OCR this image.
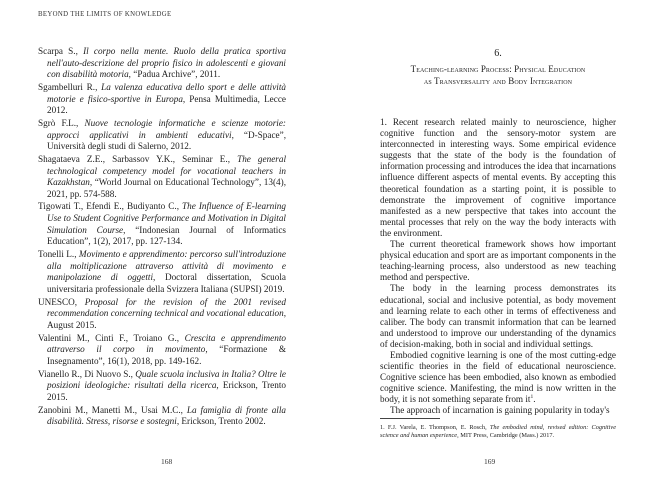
BEYOND THE LIMITS OF KNOWLEDGE
Scarpa S., Il corpo nella mente. Ruolo della pratica sportiva nell'auto-descrizione del proprio fisico in adolescenti e giovani con disabilità motoria, “Padua Archive”, 2011.
Sgambelluri R., La valenza educativa dello sport e delle attività motorie e fisico-sportive in Europa, Pensa Multimedia, Lecce 2012.
Sgrò F.L., Nuove tecnologie informatiche e scienze motorie: approcci applicativi in ambienti educativi, “D-Space”, Università degli studi di Salerno, 2012.
Shagataeva Z.E., Sarbassov Y.K., Seminar E., The general technological competency model for vocational teachers in Kazakhstan, “World Journal on Educational Technology”, 13(4), 2021, pp. 574-588.
Tigowati T., Efendi E., Budiyanto C., The Influence of E-learning Use to Student Cognitive Performance and Motivation in Digital Simulation Course, “Indonesian Journal of Informatics Education”, 1(2), 2017, pp. 127-134.
Tonelli L., Movimento e apprendimento: percorso sull'introduzione alla moltiplicazione attraverso attività di movimento e manipolazione di oggetti, Doctoral dissertation, Scuola universitaria professionale della Svizzera Italiana (SUPSI) 2019.
UNESCO, Proposal for the revision of the 2001 revised recommendation concerning technical and vocational education, August 2015.
Valentini M., Cinti F., Troiano G., Crescita e apprendimento attraverso il corpo in movimento, “Formazione & Insegnamento”, 16(1), 2018, pp. 149-162.
Vianello R., Di Nuovo S., Quale scuola inclusiva in Italia? Oltre le posizioni ideologiche: risultati della ricerca, Erickson, Trento 2015.
Zanobini M., Manetti M., Usai M.C., La famiglia di fronte alla disabilità. Stress, risorse e sostegni, Erickson, Trento 2002.
168
6.
Teaching-learning Process: Physical Education
as Transversality and Body Integration

1. Recent research related mainly to neuroscience, higher cognitive function and the sensory-motor system are interconnected in interesting ways. Some empirical evidence suggests that the state of the body is the foundation of information processing and introduces the idea that incarnations influence different aspects of mental events. By accepting this theoretical foundation as a starting point, it is possible to demonstrate the improvement of cognitive importance manifested as a new perspective that takes into account the mental processes that rely on the way the body interacts with the environment.

The current theoretical framework shows how important physical education and sport are as important components in the teaching-learning process, also understood as new teaching method and perspective.

The body in the learning process demonstrates its educational, social and inclusive potential, as body movement and learning relate to each other in terms of effectiveness and caliber. The body can transmit information that can be learned and understood to improve our understanding of the dynamics of decision-making, both in social and individual settings.

Embodied cognitive learning is one of the most cutting-edge scientific theories in the field of educational neuroscience. Cognitive science has been embodied, also known as embodied cognitive science. Manifesting, the mind is now written in the body, it is not something separate from $it^1$.

The approach of incarnation is gaining popularity in today's

1. F.J. Varela, E. Thompson, E. Rosch, The embodied mind, revised edition: Cognitive science and human experience, MIT Press, Cambridge (Mass.) 2017.
169
